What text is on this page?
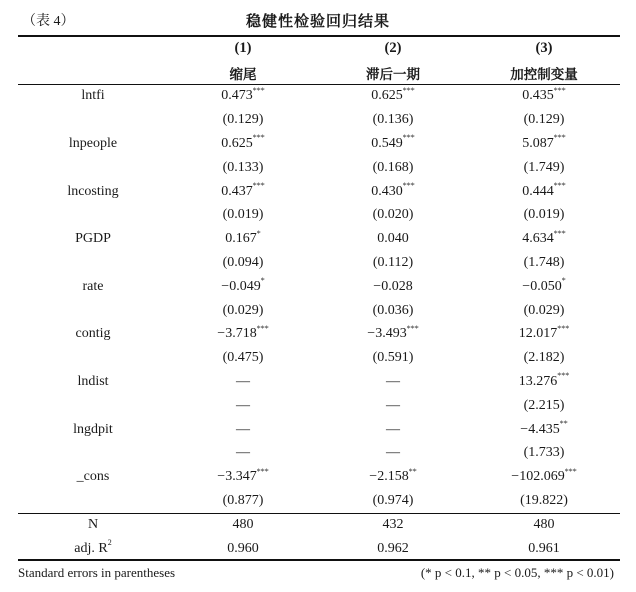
（表 4）	稳健性检验回归结果
	(1)	(2)	(3)
	缩尾	滞后一期	加控制变量
lntfi	0.473***	0.625***	0.435***
	(0.129)	(0.136)	(0.129)
lnpeople	0.625***	0.549***	5.087***
	(0.133)	(0.168)	(1.749)
lncosting	0.437***	0.430***	0.444***
	(0.019)	(0.020)	(0.019)
PGDP	0.167*	0.040	4.634***
	(0.094)	(0.112)	(1.748)
rate	−0.049*	−0.028	−0.050*
	(0.029)	(0.036)	(0.029)
contig	−3.718***	−3.493***	12.017***
	(0.475)	(0.591)	(2.182)
lndist	—	—	13.276***
	—	—	(2.215)
lngdpit	—	—	−4.435**
	—	—	(1.733)
_cons	−3.347***	−2.158**	−102.069***
	(0.877)	(0.974)	(19.822)
N	480	432	480
adj. $R^2$	0.960	0.962	0.961
Standard errors in parentheses	(* p < 0.1, ** p < 0.05, *** p < 0.01)
